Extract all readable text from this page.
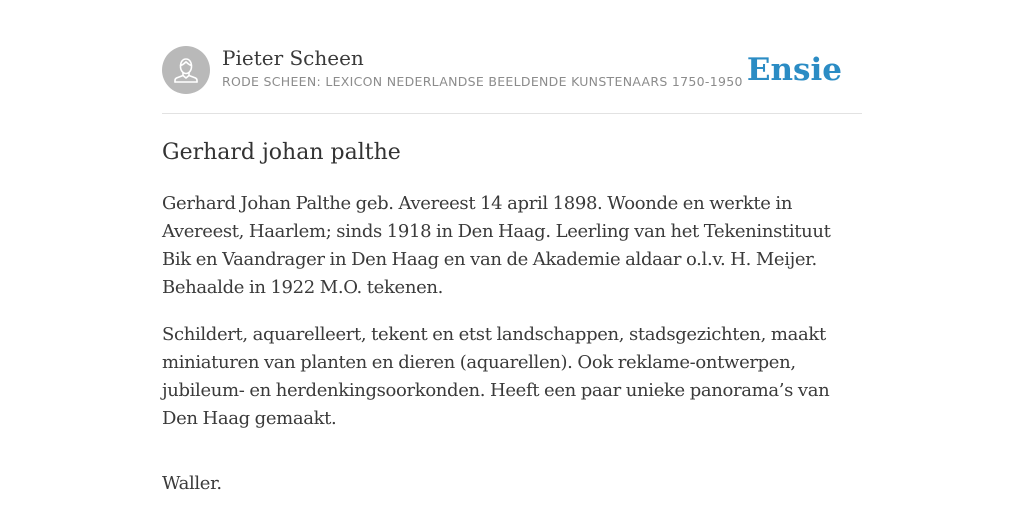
Pieter Scheen
RODE SCHEEN: LEXICON NEDERLANDSE BEELDENDE KUNSTENAARS 1750-1950 Ensie
Gerhard johan palthe

Gerhard Johan Palthe geb. Avereest 14 april 1898. Woonde en werkte in Avereest, Haarlem; sinds 1918 in Den Haag. Leerling van het Tekeninstituut Bik en Vaandrager in Den Haag en van de Akademie aldaar o.l.v. H. Meijer. Behaalde in 1922 M.O. tekenen.

Schildert, aquarelleert, tekent en etst landschappen, stadsgezichten, maakt miniaturen van planten en dieren (aquarellen). Ook reklame-ontwerpen, jubileum- en herdenkingsoorkonden. Heeft een paar unieke panorama’s van Den Haag gemaakt.

Waller.
